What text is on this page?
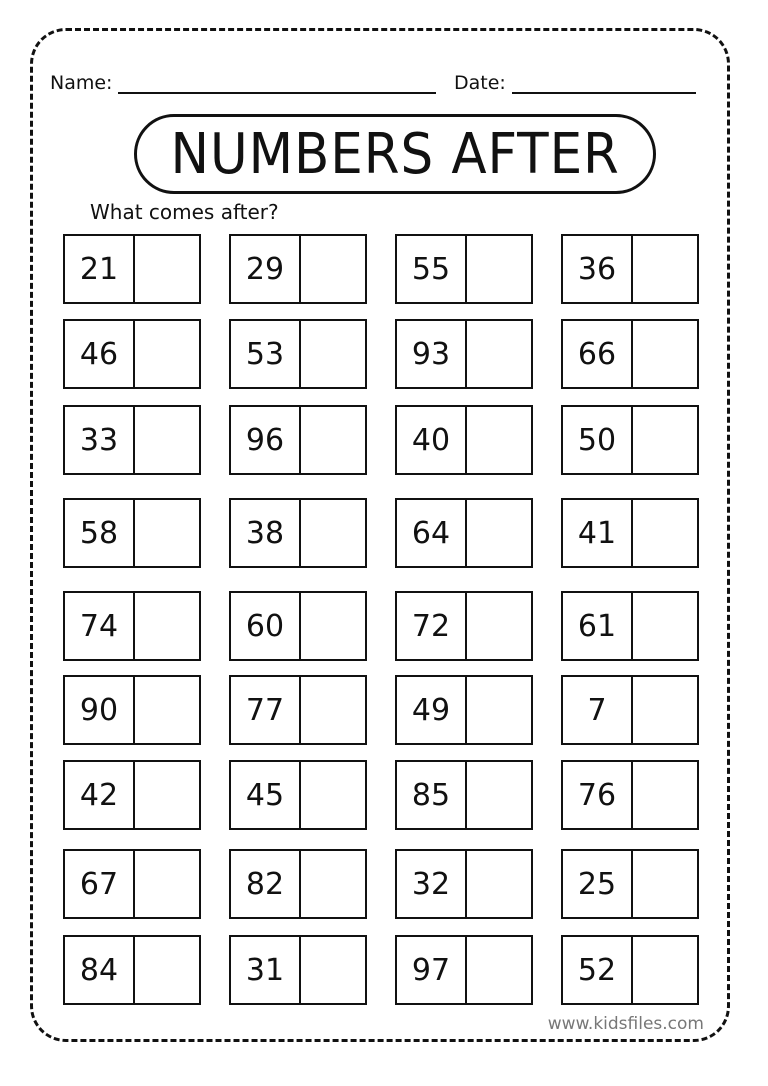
Name:	Date:
NUMBERS AFTER
What comes after?
21	29	55	36
46	53	93	66
33	96	40	50
58	38	64	41
74	60	72	61
90	77	49	7
42	45	85	76
67	82	32	25
84	31	97	52
www.kidsfiles.com
